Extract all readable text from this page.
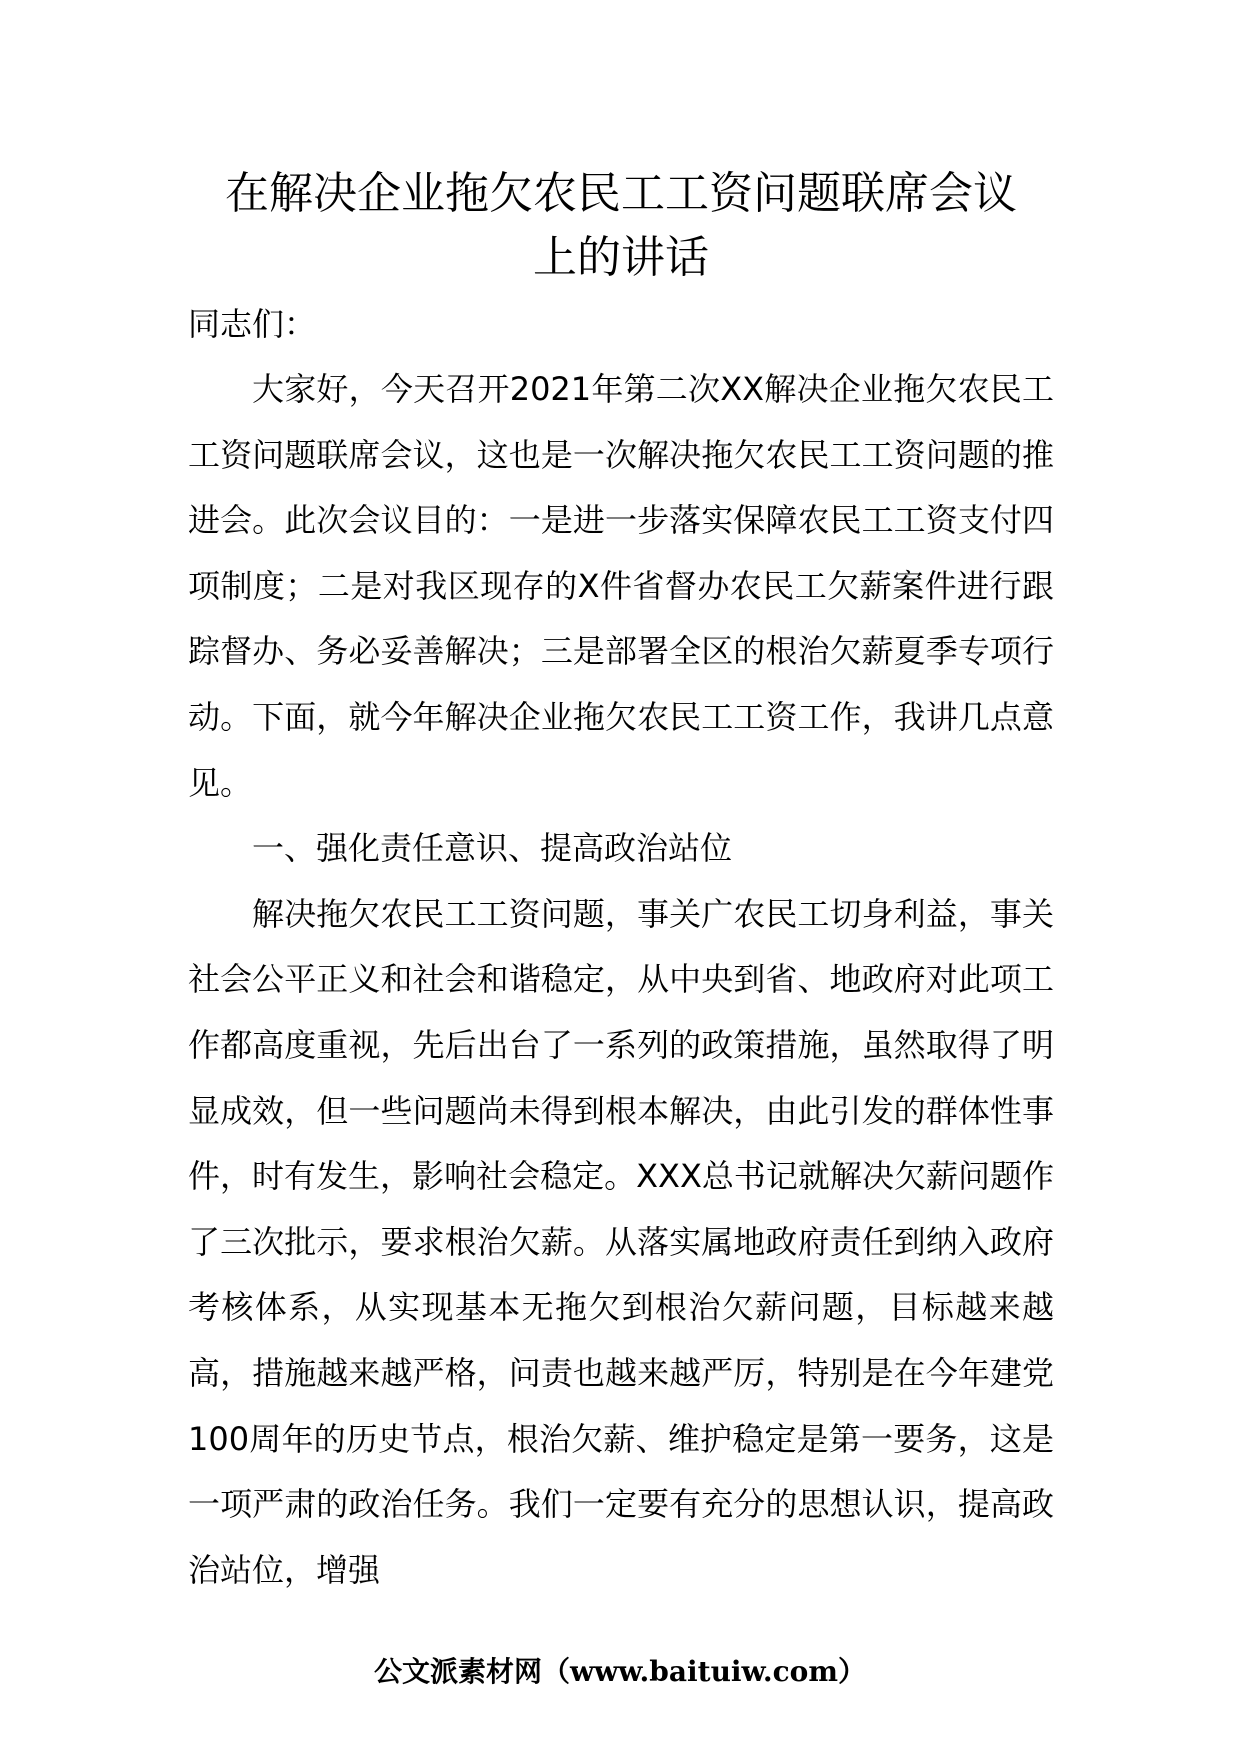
在解决企业拖欠农民工工资问题联席会议
上的讲话

同志们：

大家好，今天召开2021年第二次XX解决企业拖欠农民工工资问题联席会议，这也是一次解决拖欠农民工工资问题的推进会。此次会议目的：一是进一步落实保障农民工工资支付四项制度；二是对我区现存的X件省督办农民工欠薪案件进行跟踪督办、务必妥善解决；三是部署全区的根治欠薪夏季专项行动。下面，就今年解决企业拖欠农民工工资工作，我讲几点意见。

一、强化责任意识、提高政治站位

解决拖欠农民工工资问题，事关广农民工切身利益，事关社会公平正义和社会和谐稳定，从中央到省、地政府对此项工作都高度重视，先后出台了一系列的政策措施，虽然取得了明显成效，但一些问题尚未得到根本解决，由此引发的群体性事件，时有发生，影响社会稳定。XXX总书记就解决欠薪问题作了三次批示，要求根治欠薪。从落实属地政府责任到纳入政府考核体系，从实现基本无拖欠到根治欠薪问题，目标越来越高，措施越来越严格，问责也越来越严厉，特别是在今年建党100周年的历史节点，根治欠薪、维护稳定是第一要务，这是一项严肃的政治任务。我们一定要有充分的思想认识，提高政治站位，增强

公文派素材网（www.baituiw.com）
